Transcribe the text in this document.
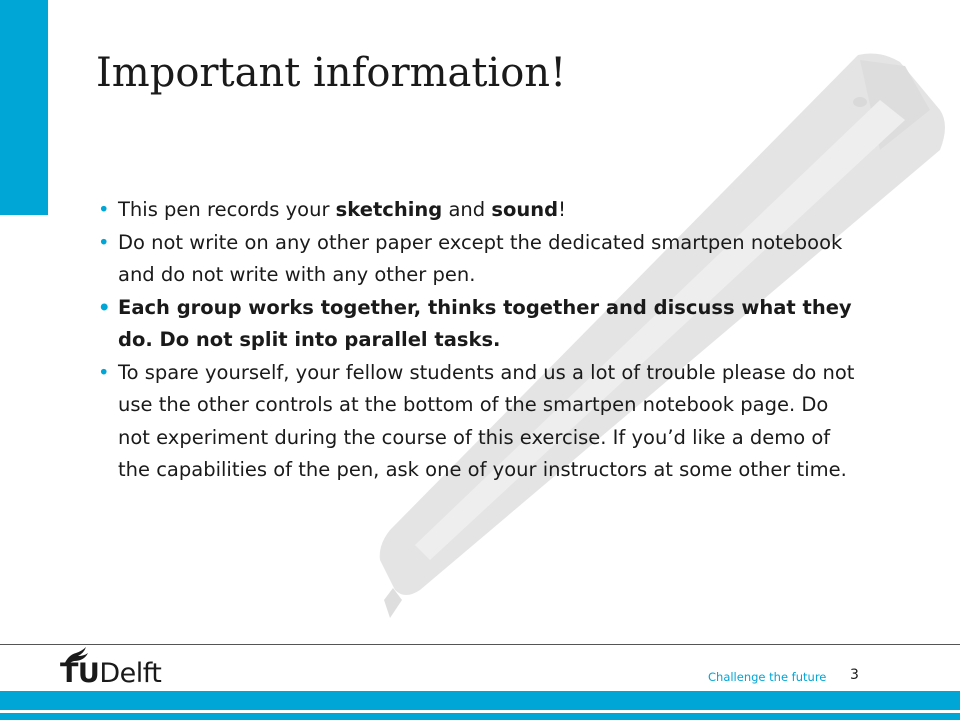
Important information!
• This pen records your sketching and sound!
• Do not write on any other paper except the dedicated smartpen notebook and do not write with any other pen.
• Each group works together, thinks together and discuss what they do. Do not split into parallel tasks.
• To spare yourself, your fellow students and us a lot of trouble please do not use the other controls at the bottom of the smartpen notebook page. Do not experiment during the course of this exercise. If you’d like a demo of the capabilities of the pen, ask one of your instructors at some other time.
TUDelft	Challenge the future 3
